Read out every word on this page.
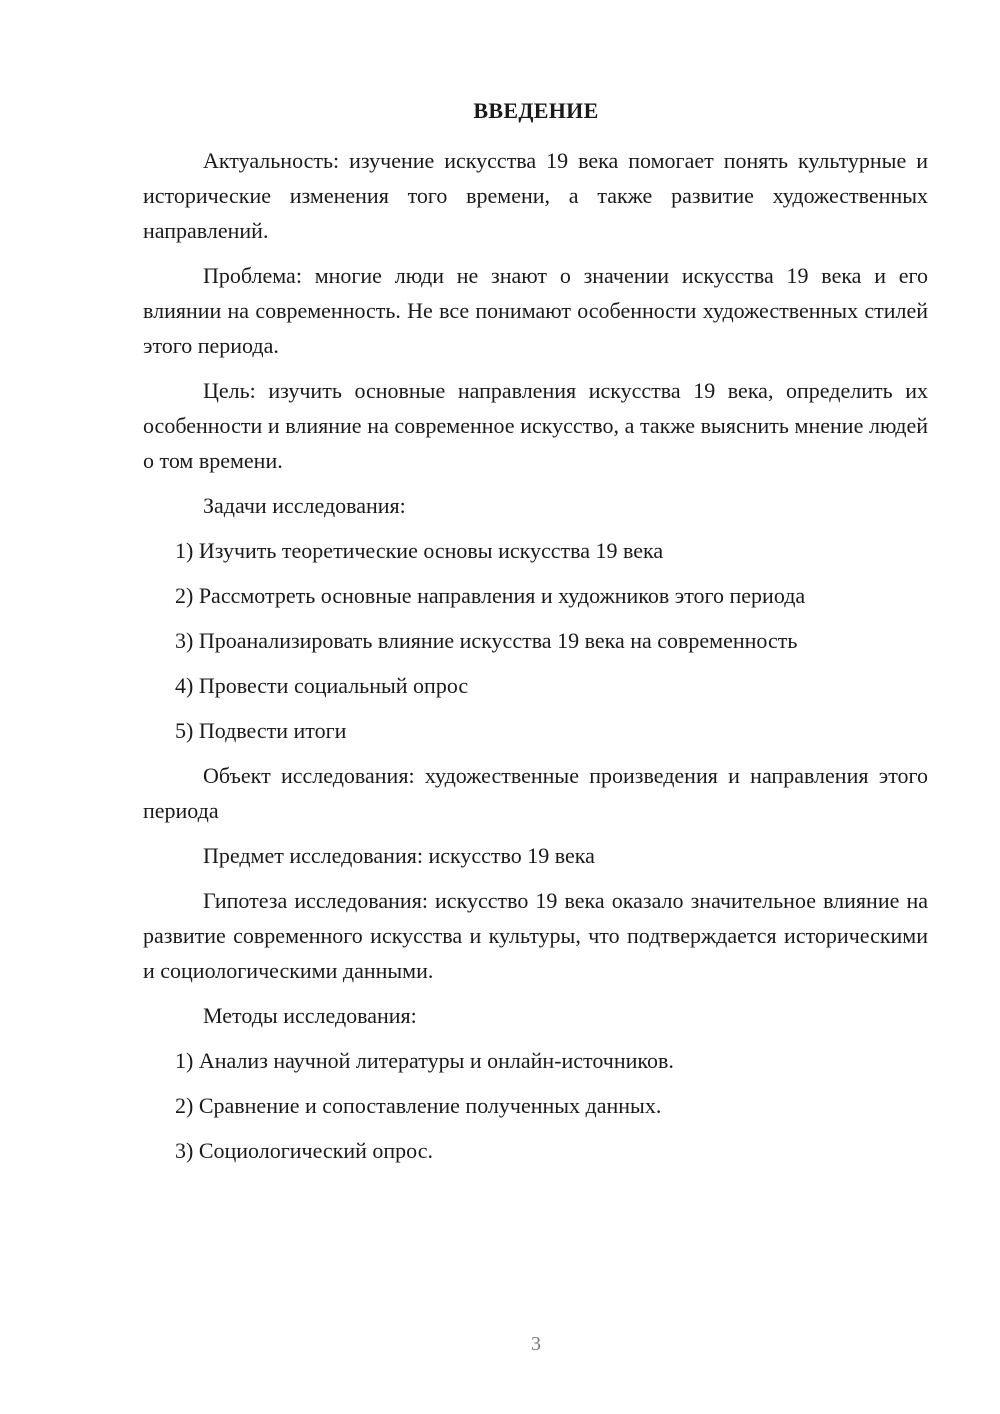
ВВЕДЕНИЕ

Актуальность: изучение искусства 19 века помогает понять культурные и исторические изменения того времени, а также развитие художественных направлений.

Проблема: многие люди не знают о значении искусства 19 века и его влиянии на современность. Не все понимают особенности художественных стилей этого периода.

Цель: изучить основные направления искусства 19 века, определить их особенности и влияние на современное искусство, а также выяснить мнение людей о том времени.

Задачи исследования:

1) Изучить теоретические основы искусства 19 века

2) Рассмотреть основные направления и художников этого периода

3) Проанализировать влияние искусства 19 века на современность

4) Провести социальный опрос

5) Подвести итоги

Объект исследования: художественные произведения и направления этого периода

Предмет исследования: искусство 19 века

Гипотеза исследования: искусство 19 века оказало значительное влияние на развитие современного искусства и культуры, что подтверждается историческими и социологическими данными.

Методы исследования:

1) Анализ научной литературы и онлайн-источников.

2) Сравнение и сопоставление полученных данных.

3) Социологический опрос.

3
